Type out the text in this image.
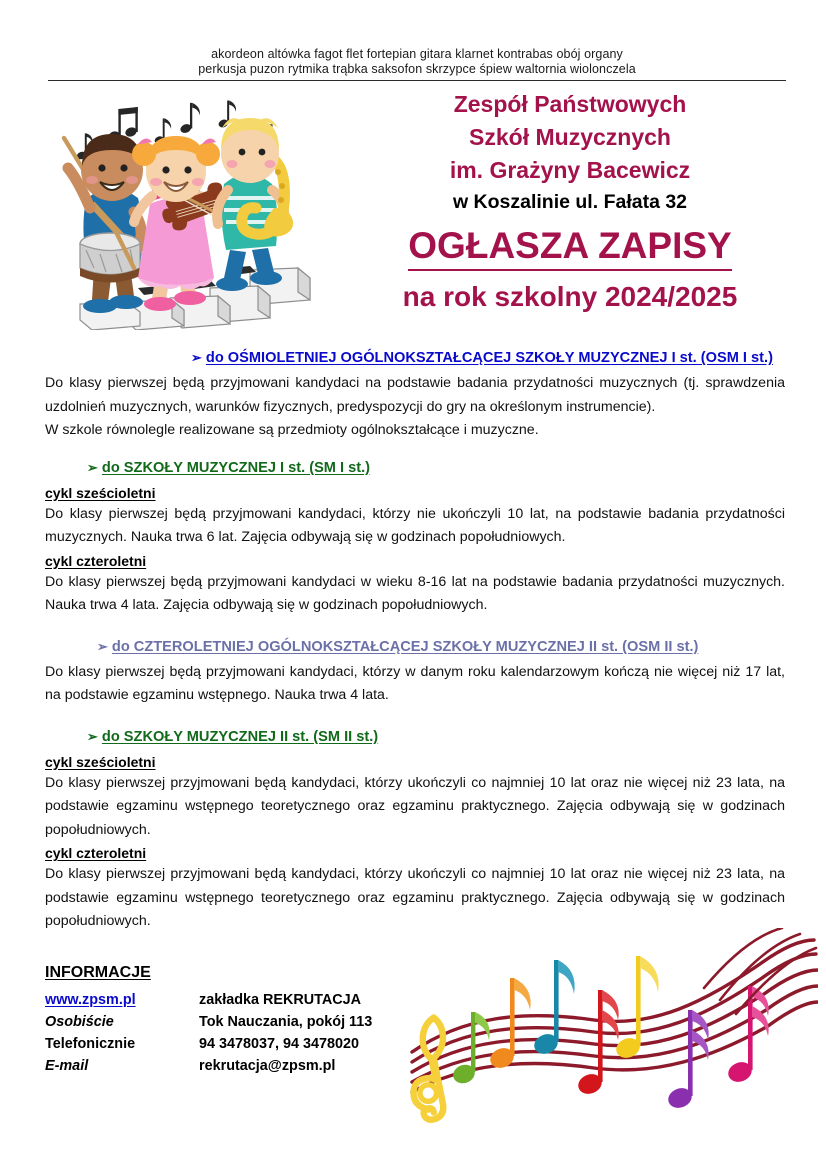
akordeon altówka fagot flet fortepian gitara klarnet kontrabas obój organy
perkusja puzon rytmika trąbka saksofon skrzypce śpiew waltornia wiolonczela
Zespół Państwowych
Szkół Muzycznych
im. Grażyny Bacewicz
w Koszalinie ul. Fałata 32
OGŁASZA ZAPISY
na rok szkolny 2024/2025
➢ do OŚMIOLETNIEJ OGÓLNOKSZTAŁCĄCEJ SZKOŁY MUZYCZNEJ I st. (OSM I st.)

Do klasy pierwszej będą przyjmowani kandydaci na podstawie badania przydatności muzycznych (tj. sprawdzenia uzdolnień muzycznych, warunków fizycznych, predyspozycji do gry na określonym instrumencie).

W szkole równolegle realizowane są przedmioty ogólnokształcące i muzyczne.

➢ do SZKOŁY MUZYCZNEJ I st. (SM I st.)
cykl sześcioletni

Do klasy pierwszej będą przyjmowani kandydaci, którzy nie ukończyli 10 lat, na podstawie badania przydatności muzycznych. Nauka trwa 6 lat. Zajęcia odbywają się w godzinach popołudniowych.

cykl czteroletni

Do klasy pierwszej będą przyjmowani kandydaci w wieku 8-16 lat na podstawie badania przydatności muzycznych. Nauka trwa 4 lata. Zajęcia odbywają się w godzinach popołudniowych.

➢ do CZTEROLETNIEJ OGÓLNOKSZTAŁCĄCEJ SZKOŁY MUZYCZNEJ II st. (OSM II st.)

Do klasy pierwszej będą przyjmowani kandydaci, którzy w danym roku kalendarzowym kończą nie więcej niż 17 lat, na podstawie egzaminu wstępnego. Nauka trwa 4 lata.

➢ do SZKOŁY MUZYCZNEJ II st. (SM II st.)
cykl sześcioletni

Do klasy pierwszej przyjmowani będą kandydaci, którzy ukończyli co najmniej 10 lat oraz nie więcej niż 23 lata, na podstawie egzaminu wstępnego teoretycznego oraz egzaminu praktycznego. Zajęcia odbywają się w godzinach popołudniowych.

cykl czteroletni

Do klasy pierwszej przyjmowani będą kandydaci, którzy ukończyli co najmniej 10 lat oraz nie więcej niż 23 lata, na podstawie egzaminu wstępnego teoretycznego oraz egzaminu praktycznego. Zajęcia odbywają się w godzinach popołudniowych.

INFORMACJE
www.zpsm.pl	zakładka REKRUTACJA
Osobiście	Tok Nauczania, pokój 113
Telefonicznie	94 3478037, 94 3478020
E-mail	rekrutacja@zpsm.pl
